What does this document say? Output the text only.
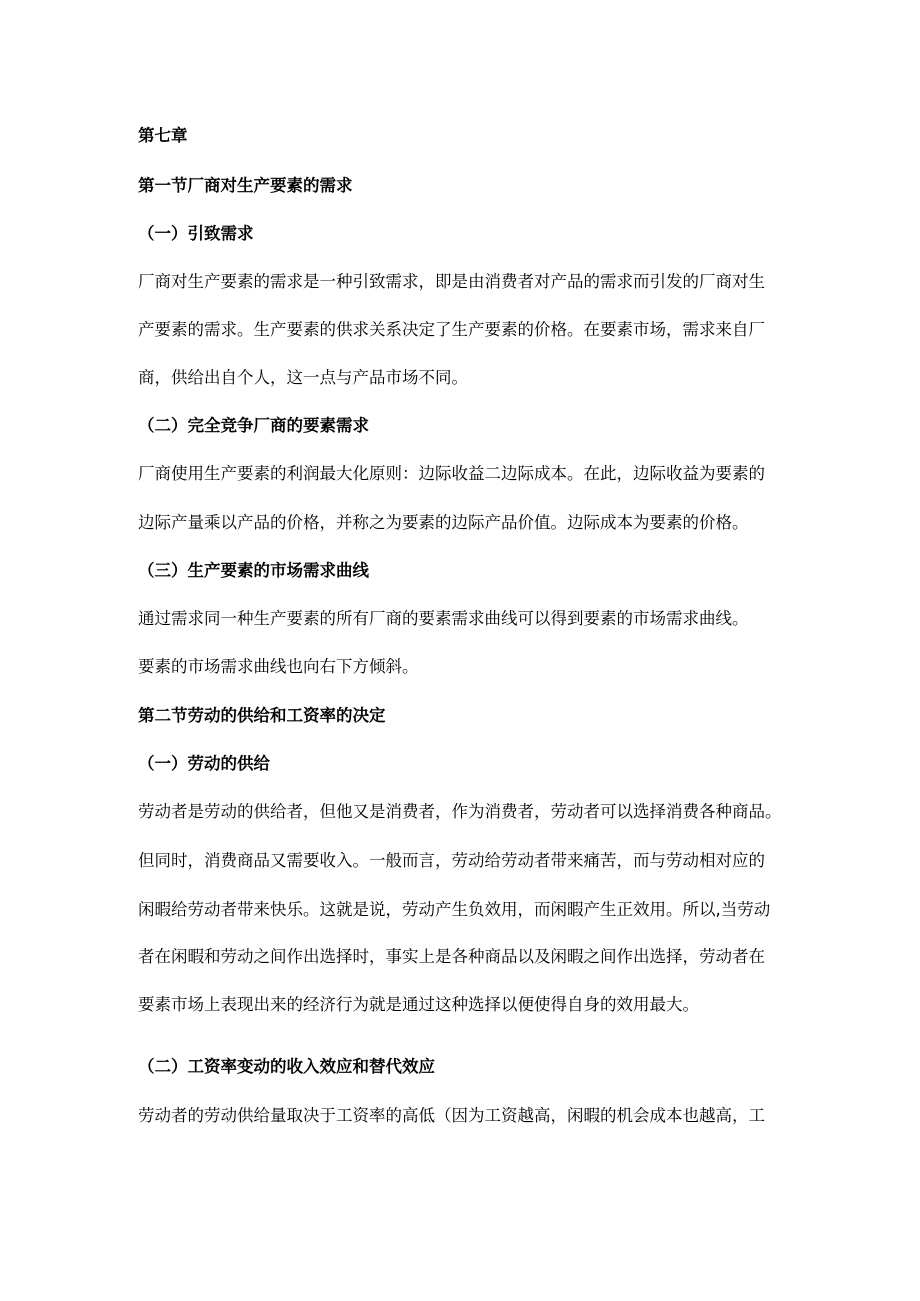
第七章
第一节厂商对生产要素的需求
（一）引致需求
厂商对生产要素的需求是一种引致需求，即是由消费者对产品的需求而引发的厂商对生
产要素的需求。生产要素的供求关系决定了生产要素的价格。在要素市场，需求来自厂
商，供给出自个人，这一点与产品市场不同。
（二）完全竞争厂商的要素需求
厂商使用生产要素的利润最大化原则：边际收益二边际成本。在此，边际收益为要素的
边际产量乘以产品的价格，并称之为要素的边际产品价值。边际成本为要素的价格。
（三）生产要素的市场需求曲线
通过需求同一种生产要素的所有厂商的要素需求曲线可以得到要素的市场需求曲线。
要素的市场需求曲线也向右下方倾斜。
第二节劳动的供给和工资率的决定
（一）劳动的供给
劳动者是劳动的供给者，但他又是消费者，作为消费者，劳动者可以选择消费各种商品。
但同时，消费商品又需要收入。一般而言，劳动给劳动者带来痛苦，而与劳动相对应的
闲暇给劳动者带来快乐。这就是说，劳动产生负效用，而闲暇产生正效用。所以,当劳动
者在闲暇和劳动之间作出选择时，事实上是各种商品以及闲暇之间作出选择，劳动者在
要素市场上表现出来的经济行为就是通过这种选择以便使得自身的效用最大。
（二）工资率变动的收入效应和替代效应
劳动者的劳动供给量取决于工资率的高低（因为工资越高，闲暇的机会成本也越高，工
